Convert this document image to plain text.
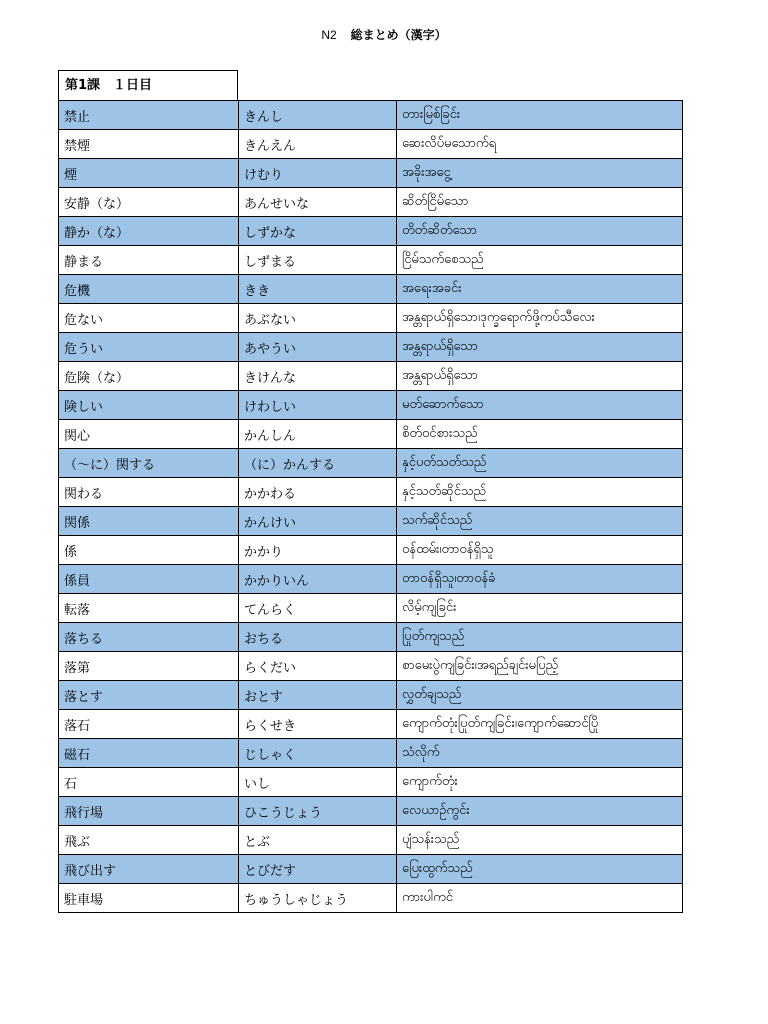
N2 総まとめ（漢字）
第1課　１日目
禁止	きんし	တားမြစ်ခြင်း
禁煙	きんえん	ဆေးလိပ်မသောက်ရ
煙	けむり	အခိုးအငွေ့
安静（な）	あんせいな	ဆိတ်ငြိမ်သော
静か（な）	しずかな	တိတ်ဆိတ်သော
静まる	しずまる	ငြိမ်သက်စေသည်
危機	きき	အရေးအခင်း
危ない	あぶない	အန္တရာယ်ရှိသော၊ဒုက္ခရောက်ဖို့ကပ်သီလေး
危うい	あやうい	အန္တရာယ်ရှိသော
危険（な）	きけんな	အန္တရာယ်ရှိသော
険しい	けわしい	မတ်ဆောက်သော
関心	かんしん	စိတ်ဝင်စားသည်
（～に）関する	（に）かんする	နှင့်ပတ်သတ်သည်
関わる	かかわる	နှင့်သတ်ဆိုင်သည်
関係	かんけい	သက်ဆိုင်သည်
係	かかり	ဝန်ထမ်း၊တာဝန်ရှိသူ
係員	かかりいん	တာဝန်ရှိသူ၊တာဝန်ခံ
転落	てんらく	လိမ့်ကျခြင်း
落ちる	おちる	ပြုတ်ကျသည်
落第	らくだい	စာမေးပွဲကျခြင်း၊အရည်ချင်းမပြည့်
落とす	おとす	လွှတ်ချသည်
落石	らくせき	ကျောက်တုံးပြုတ်ကျခြင်း၊ကျောက်ဆောင်ပြို
磁石	じしゃく	သံလိုက်
石	いし	ကျောက်တုံး
飛行場	ひこうじょう	လေယာဉ်ကွင်း
飛ぶ	とぶ	ပျံသန်းသည်
飛び出す	とびだす	ပြေးထွက်သည်
駐車場	ちゅうしゃじょう	ကားပါကင်
